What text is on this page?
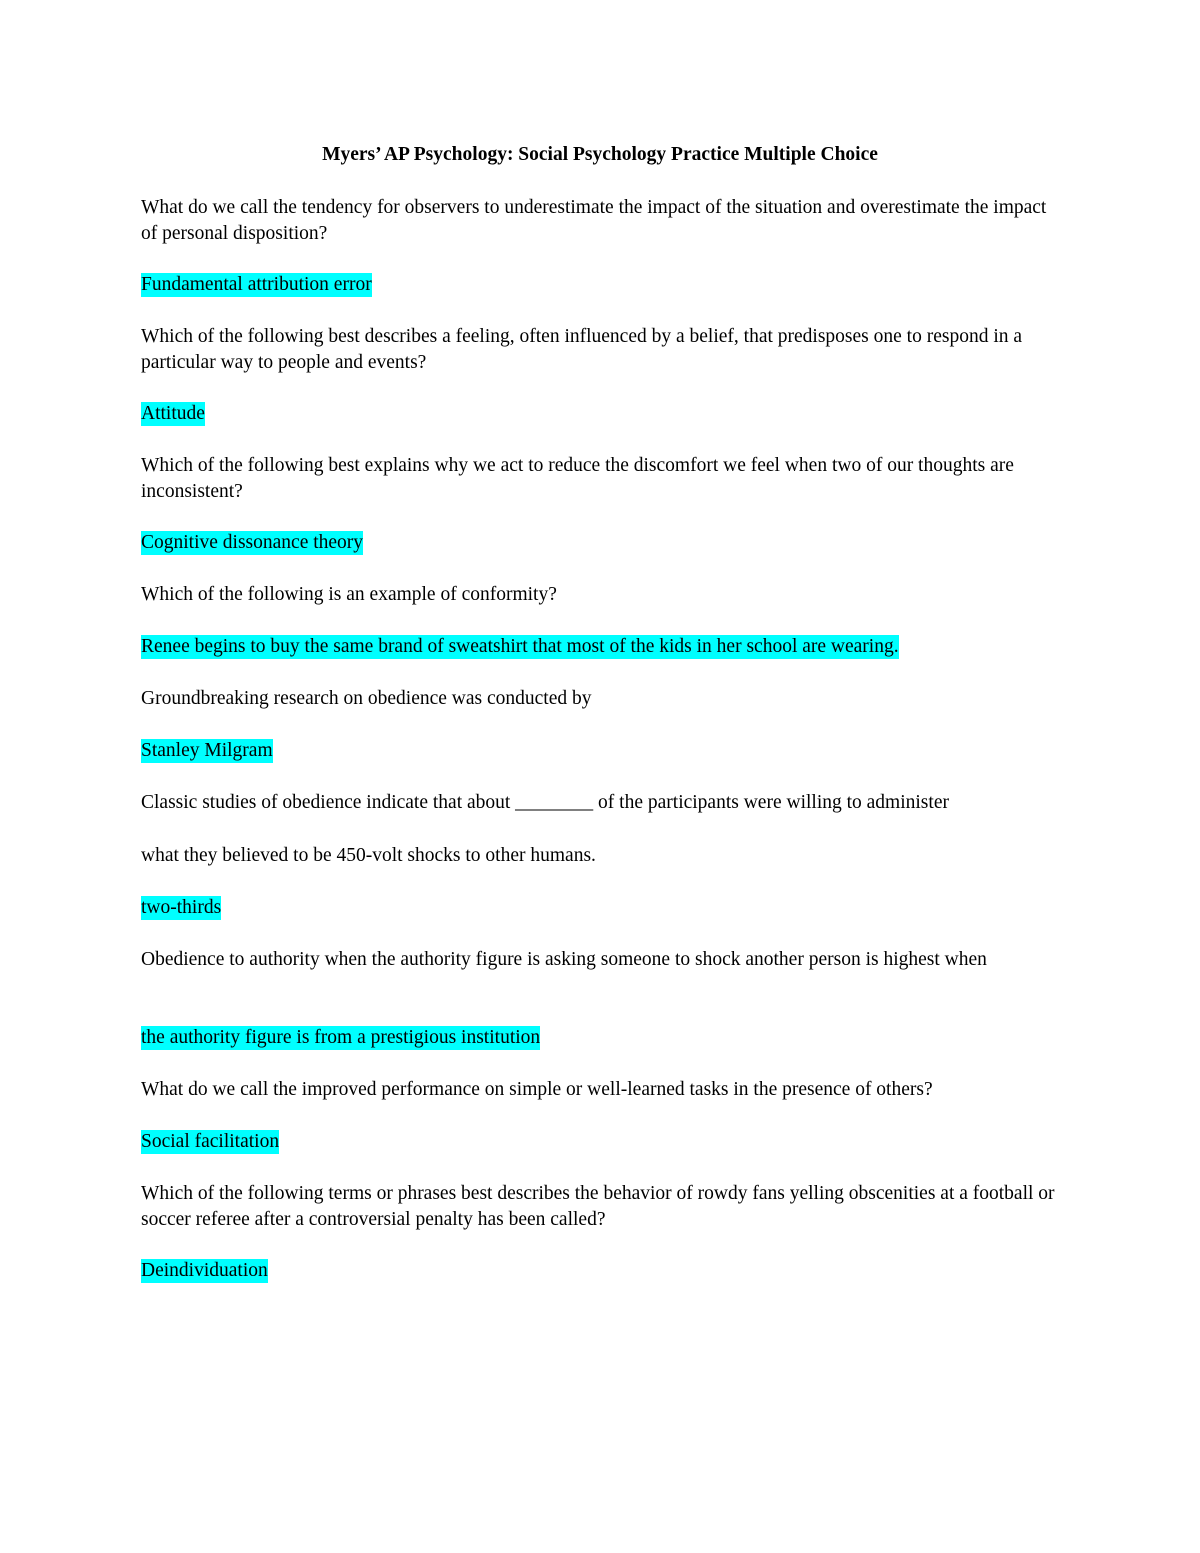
Myers’ AP Psychology: Social Psychology Practice Multiple Choice
What do we call the tendency for observers to underestimate the impact of the situation and overestimate the impact of personal disposition?
Fundamental attribution error
Which of the following best describes a feeling, often influenced by a belief, that predisposes one to respond in a particular way to people and events?
Attitude
Which of the following best explains why we act to reduce the discomfort we feel when two of our thoughts are inconsistent?
Cognitive dissonance theory
Which of the following is an example of conformity?
Renee begins to buy the same brand of sweatshirt that most of the kids in her school are wearing.
Groundbreaking research on obedience was conducted by
Stanley Milgram
Classic studies of obedience indicate that about ________ of the participants were willing to administer
what they believed to be 450-volt shocks to other humans.
two-thirds
Obedience to authority when the authority figure is asking someone to shock another person is highest when
the authority figure is from a prestigious institution
What do we call the improved performance on simple or well-learned tasks in the presence of others?
Social facilitation
Which of the following terms or phrases best describes the behavior of rowdy fans yelling obscenities at a football or soccer referee after a controversial penalty has been called?
Deindividuation
